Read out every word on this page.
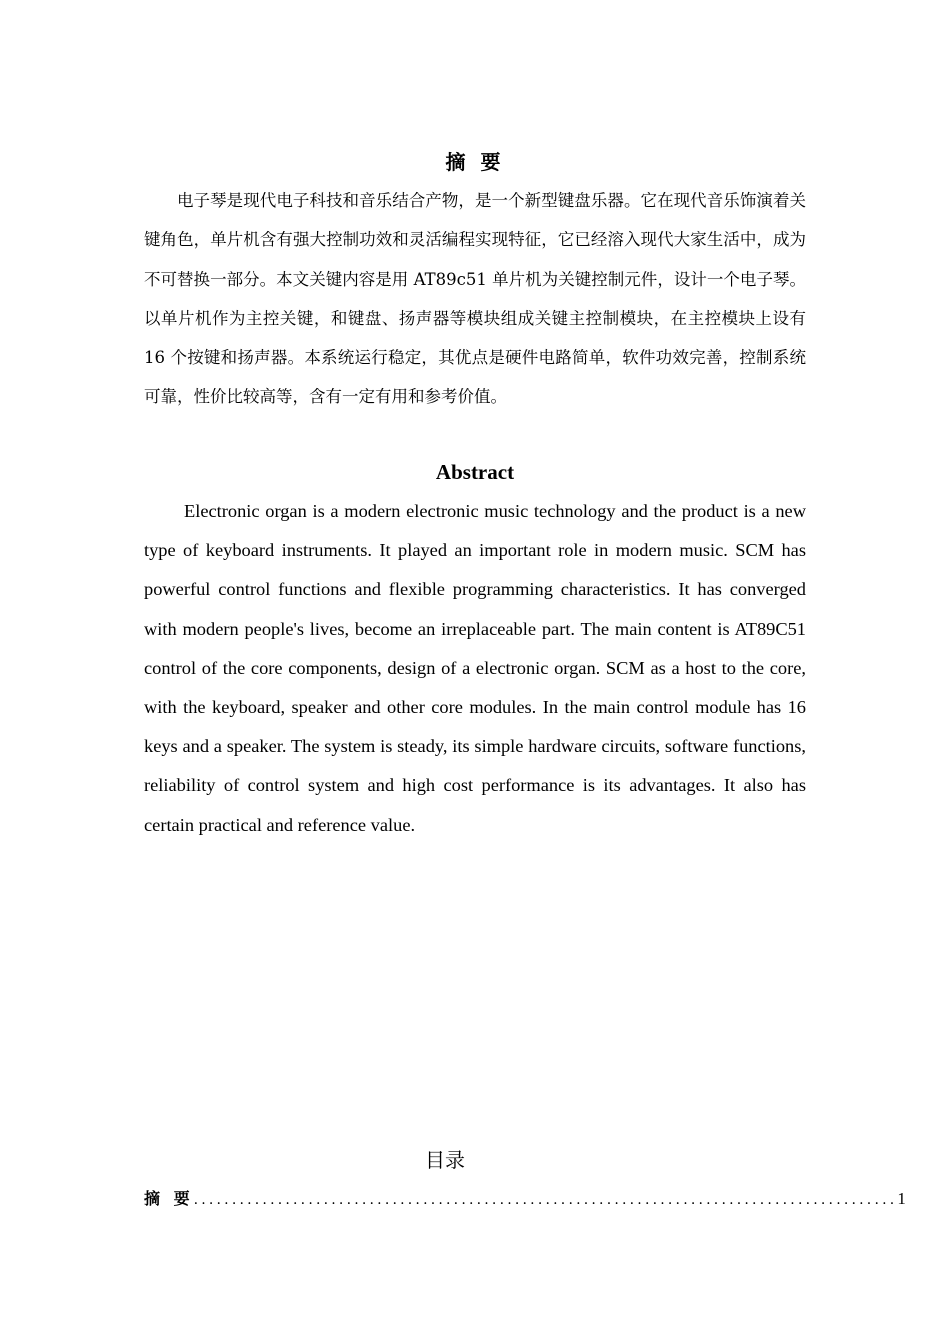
摘 要

电子琴是现代电子科技和音乐结合产物，是一个新型键盘乐器。它在现代音乐饰演着关键角色，单片机含有强大控制功效和灵活编程实现特征，它已经溶入现代大家生活中，成为不可替换一部分。本文关键内容是用 AT89c51 单片机为关键控制元件，设计一个电子琴。以单片机作为主控关键，和键盘、扬声器等模块组成关键主控制模块，在主控模块上设有 16 个按键和扬声器。本系统运行稳定，其优点是硬件电路简单，软件功效完善，控制系统可靠，性价比较高等，含有一定有用和参考价值。

Abstract

Electronic organ is a modern electronic music technology and the product is a new type of keyboard instruments. It played an important role in modern music. SCM has powerful control functions and flexible programming characteristics. It has converged with modern people's lives, become an irreplaceable part. The main content is AT89C51 control of the core components, design of a electronic organ. SCM as a host to the core, with the keyboard, speaker and other core modules. In the main control module has 16 keys and a speaker. The system is steady, its simple hardware circuits, software functions, reliability of control system and high cost performance is its advantages. It also has certain practical and reference value.

目录
摘 要 ............................................................................................ 1
